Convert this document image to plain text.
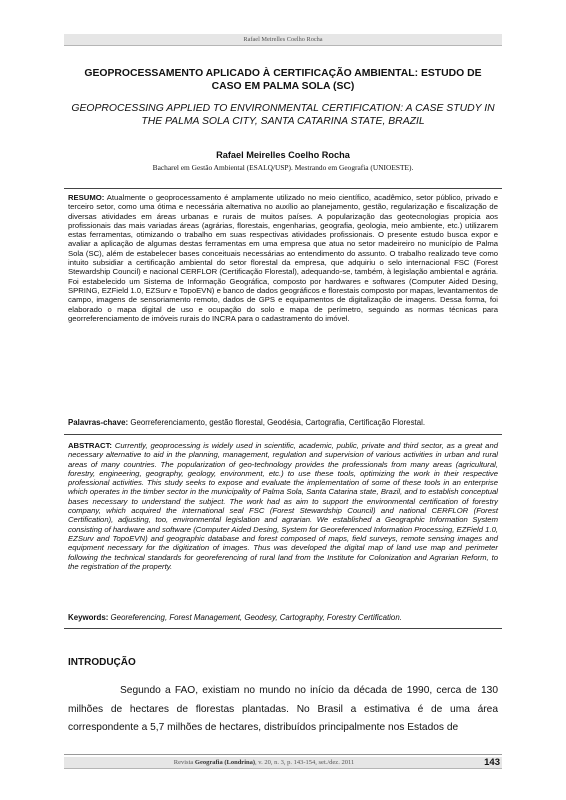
Rafael Meirelles Coelho Rocha
GEOPROCESSAMENTO APLICADO À CERTIFICAÇÃO AMBIENTAL: ESTUDO DE CASO EM PALMA SOLA (SC)
GEOPROCESSING APPLIED TO ENVIRONMENTAL CERTIFICATION: A CASE STUDY IN THE PALMA SOLA CITY, SANTA CATARINA STATE, BRAZIL
Rafael Meirelles Coelho Rocha
Bacharel em Gestão Ambiental (ESALQ/USP). Mestrando em Geografia (UNIOESTE).
RESUMO: Atualmente o geoprocessamento é amplamente utilizado no meio científico, acadêmico, setor público, privado e terceiro setor, como uma ótima e necessária alternativa no auxílio ao planejamento, gestão, regularização e fiscalização de diversas atividades em áreas urbanas e rurais de muitos países. A popularização das geotecnologias propicia aos profissionais das mais variadas áreas (agrárias, florestais, engenharias, geografia, geologia, meio ambiente, etc.) utilizarem estas ferramentas, otimizando o trabalho em suas respectivas atividades profissionais. O presente estudo busca expor e avaliar a aplicação de algumas destas ferramentas em uma empresa que atua no setor madeireiro no município de Palma Sola (SC), além de estabelecer bases conceituais necessárias ao entendimento do assunto. O trabalho realizado teve como intuito subsidiar a certificação ambiental do setor florestal da empresa, que adquiriu o selo internacional FSC (Forest Stewardship Council) e nacional CERFLOR (Certificação Florestal), adequando-se, também, à legislação ambiental e agrária. Foi estabelecido um Sistema de Informação Geográfica, composto por hardwares e softwares (Computer Aided Desing, SPRING, EZField 1.0, EZSurv e TopoEVN) e banco de dados geográficos e florestais composto por mapas, levantamentos de campo, imagens de sensoriamento remoto, dados de GPS e equipamentos de digitalização de imagens. Dessa forma, foi elaborado o mapa digital de uso e ocupação do solo e mapa de perímetro, seguindo as normas técnicas para georreferenciamento de imóveis rurais do INCRA para o cadastramento do imóvel.
Palavras-chave: Georreferenciamento, gestão florestal, Geodésia, Cartografia, Certificação Florestal.
ABSTRACT: Currently, geoprocessing is widely used in scientific, academic, public, private and third sector, as a great and necessary alternative to aid in the planning, management, regulation and supervision of various activities in urban and rural areas of many countries. The popularization of geo-technology provides the professionals from many areas (agricultural, forestry, engineering, geography, geology, environment, etc.) to use these tools, optimizing the work in their respective professional activities. This study seeks to expose and evaluate the implementation of some of these tools in an enterprise which operates in the timber sector in the municipality of Palma Sola, Santa Catarina state, Brazil, and to establish conceptual bases necessary to understand the subject. The work had as aim to support the environmental certification of forestry company, which acquired the international seal FSC (Forest Stewardship Council) and national CERFLOR (Forest Certification), adjusting, too, environmental legislation and agrarian. We established a Geographic Information System consisting of hardware and software (Computer Aided Desing, System for Georeferenced Information Processing, EZField 1.0, EZSurv and TopoEVN) and geographic database and forest composed of maps, field surveys, remote sensing images and equipment necessary for the digitization of images. Thus was developed the digital map of land use map and perimeter following the technical standards for georeferencing of rural land from the Institute for Colonization and Agrarian Reform, to the registration of the property.
Keywords: Georeferencing, Forest Management, Geodesy, Cartography, Forestry Certification.
INTRODUÇÃO
Segundo a FAO, existiam no mundo no início da década de 1990, cerca de 130 milhões de hectares de florestas plantadas. No Brasil a estimativa é de uma área correspondente a 5,7 milhões de hectares, distribuídos principalmente nos Estados de
Revista Geografia (Londrina), v. 20, n. 3, p. 143-154, set./dez. 2011	143
